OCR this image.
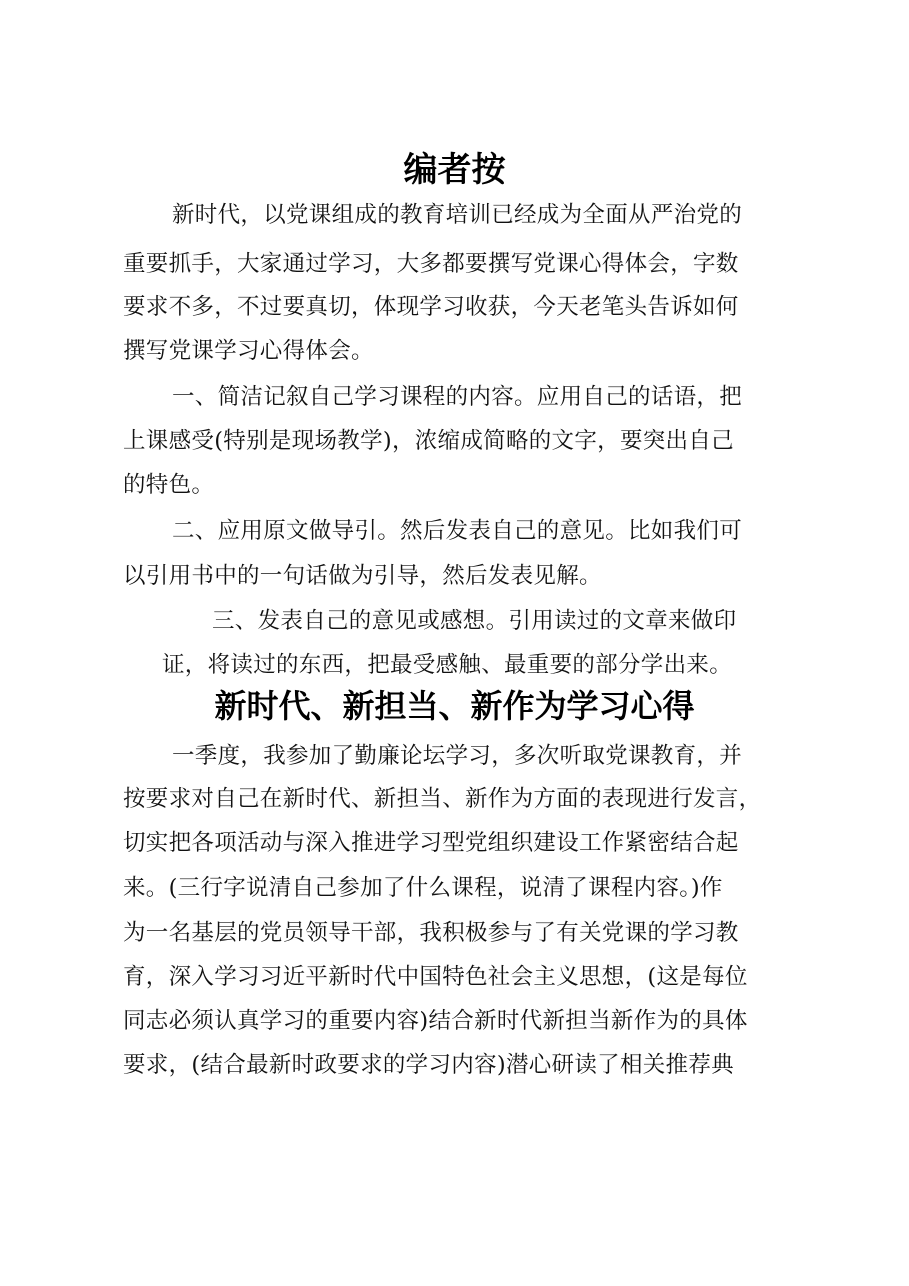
编者按
新时代，以党课组成的教育培训已经成为全面从严治党的
重要抓手，大家通过学习，大多都要撰写党课心得体会，字数
要求不多，不过要真切，体现学习收获，今天老笔头告诉如何
撰写党课学习心得体会。
一、简洁记叙自己学习课程的内容。应用自己的话语，把
上课感受(特别是现场教学)，浓缩成简略的文字，要突出自己
的特色。
二、应用原文做导引。然后发表自己的意见。比如我们可
以引用书中的一句话做为引导，然后发表见解。
三、发表自己的意见或感想。引用读过的文章来做印
证，将读过的东西，把最受感触、最重要的部分学出来。
新时代、新担当、新作为学习心得
一季度，我参加了勤廉论坛学习，多次听取党课教育，并
按要求对自己在新时代、新担当、新作为方面的表现进行发言，
切实把各项活动与深入推进学习型党组织建设工作紧密结合起
来。(三行字说清自己参加了什么课程，说清了课程内容。)作
为一名基层的党员领导干部，我积极参与了有关党课的学习教
育，深入学习习近平新时代中国特色社会主义思想，(这是每位
同志必须认真学习的重要内容)结合新时代新担当新作为的具体
要求，(结合最新时政要求的学习内容)潜心研读了相关推荐典
